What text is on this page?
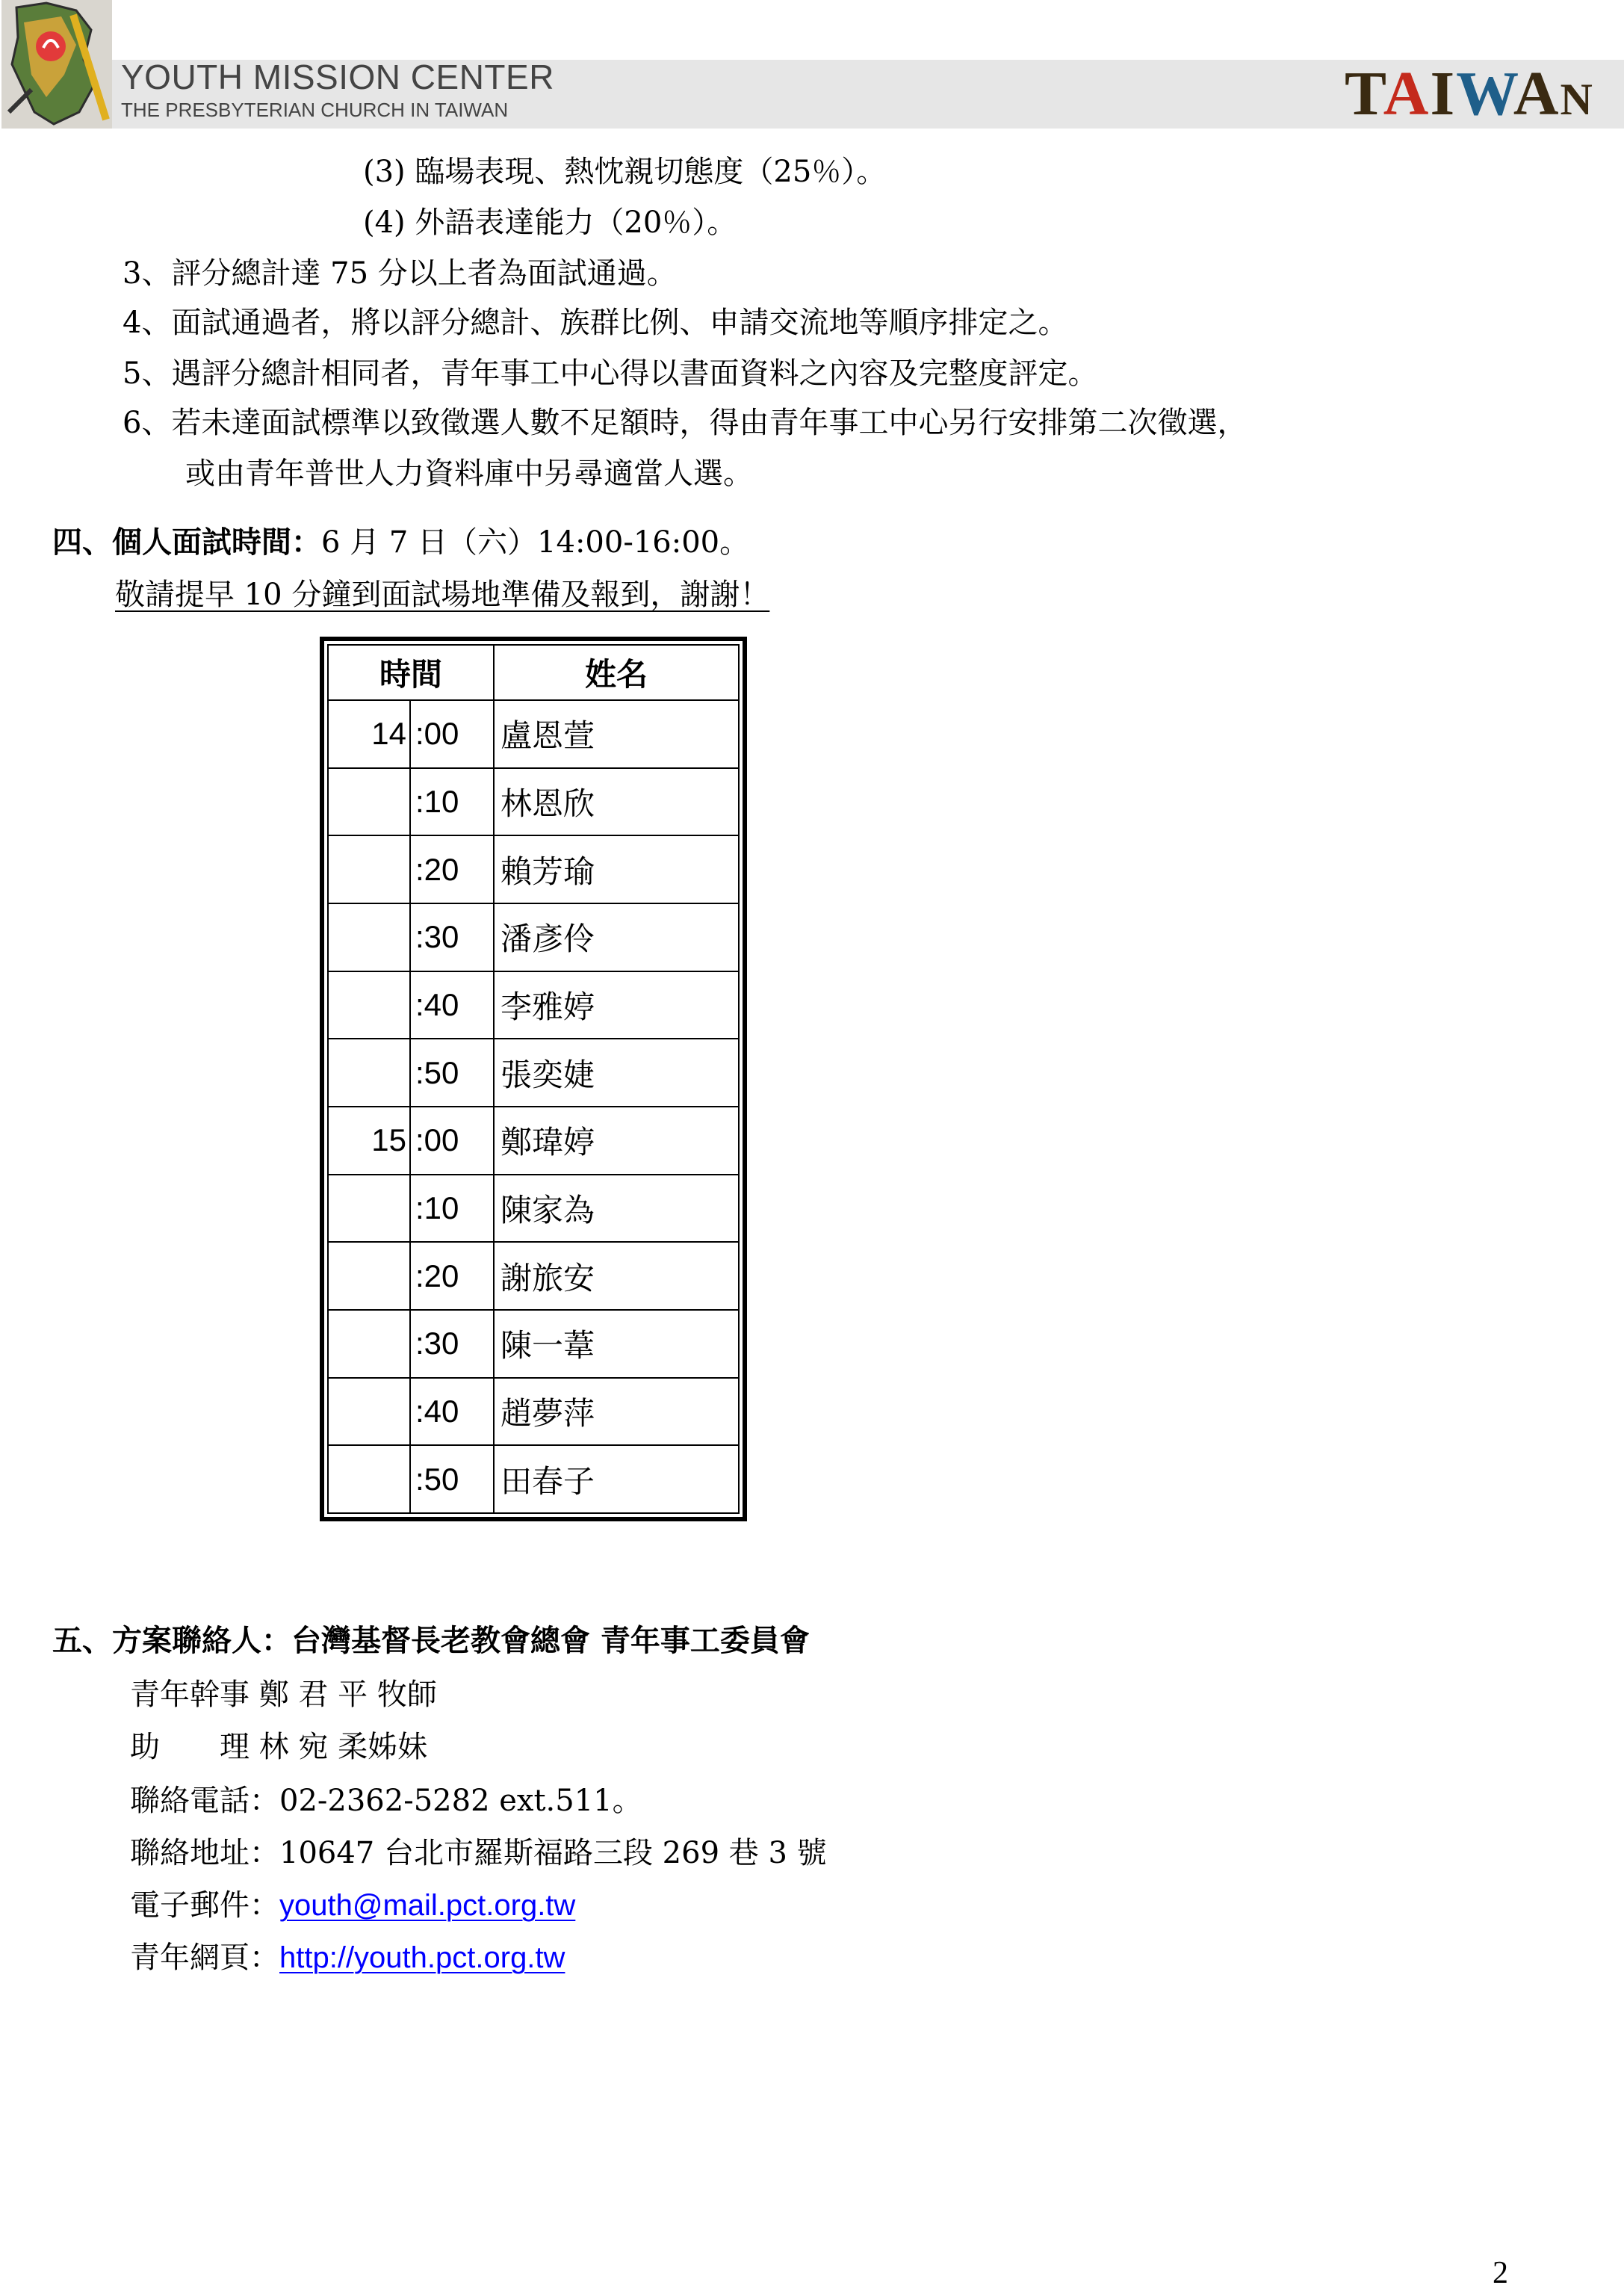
YOUTH MISSION CENTER
THE PRESBYTERIAN CHURCH IN TAIWAN	TAIWAN
(3) 臨場表現、熱忱親切態度（25％）。
(4) 外語表達能力（20％）。
3、評分總計達 75 分以上者為面試通過。
4、面試通過者，將以評分總計、族群比例、申請交流地等順序排定之。
5、遇評分總計相同者，青年事工中心得以書面資料之內容及完整度評定。
6、若未達面試標準以致徵選人數不足額時，得由青年事工中心另行安排第二次徵選，
或由青年普世人力資料庫中另尋適當人選。
四、個人面試時間：6 月 7 日（六）14:00-16:00。
敬請提早 10 分鐘到面試場地準備及報到，謝謝！
時間		姓名
14	:00	盧恩萱
	:10	林恩欣
	:20	賴芳瑜
	:30	潘彥伶
	:40	李雅婷
	:50	張奕婕
15	:00	鄭瑋婷
	:10	陳家為
	:20	謝旅安
	:30	陳一葦
	:40	趙夢萍
	:50	田春子
五、方案聯絡人：台灣基督長老教會總會 青年事工委員會
青年幹事 鄭 君 平 牧師
助　　理 林 宛 柔姊妹
聯絡電話：02-2362-5282 ext.511。
聯絡地址：10647 台北市羅斯福路三段 269 巷 3 號
電子郵件：youth@mail.pct.org.tw
青年網頁：http://youth.pct.org.tw
2
